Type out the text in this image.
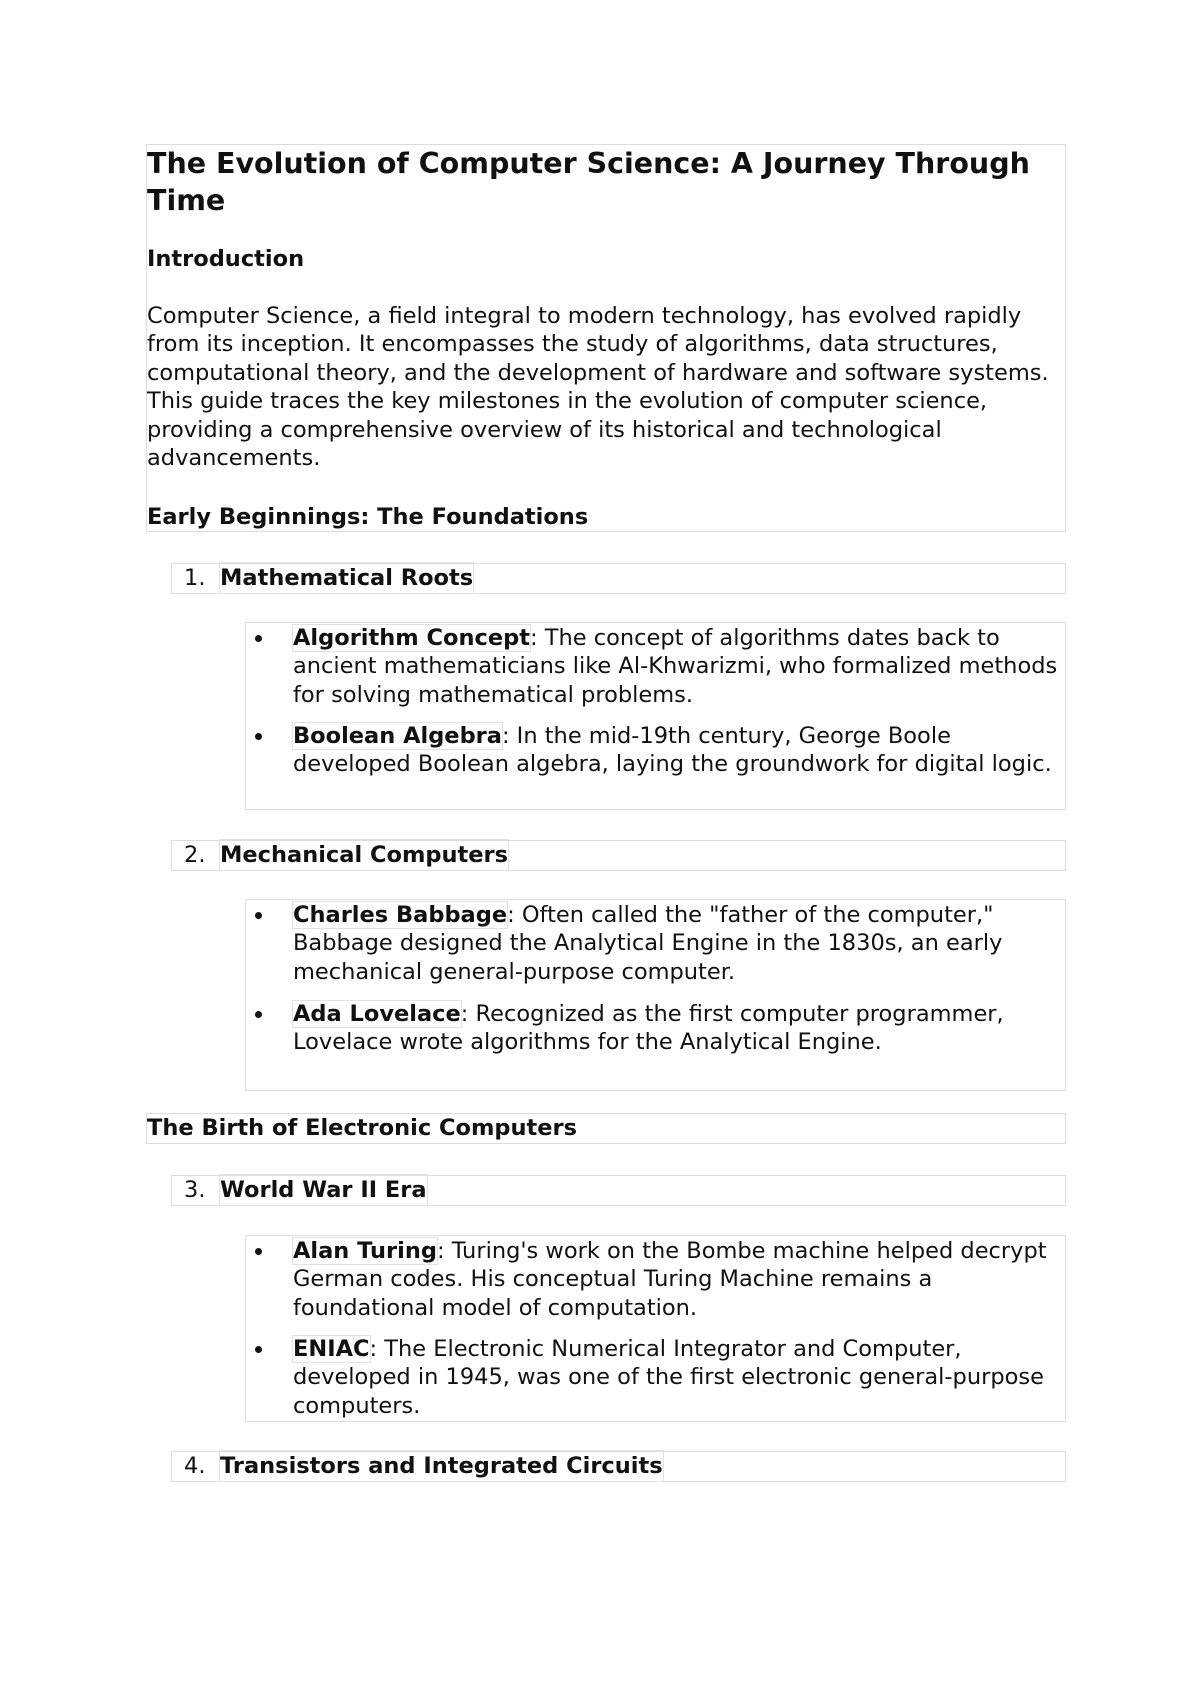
The Evolution of Computer Science: A Journey Through Time
Introduction

Computer Science, a field integral to modern technology, has evolved rapidly from its inception. It encompasses the study of algorithms, data structures, computational theory, and the development of hardware and software systems. This guide traces the key milestones in the evolution of computer science, providing a comprehensive overview of its historical and technological advancements.

Early Beginnings: The Foundations
1. Mathematical Roots
Algorithm Concept: The concept of algorithms dates back to ancient mathematicians like Al-Khwarizmi, who formalized methods for solving mathematical problems.
Boolean Algebra: In the mid-19th century, George Boole developed Boolean algebra, laying the groundwork for digital logic.
2. Mechanical Computers
Charles Babbage: Often called the "father of the computer," Babbage designed the Analytical Engine in the 1830s, an early mechanical general-purpose computer.
Ada Lovelace: Recognized as the first computer programmer, Lovelace wrote algorithms for the Analytical Engine.
The Birth of Electronic Computers
3. World War II Era
Alan Turing: Turing's work on the Bombe machine helped decrypt German codes. His conceptual Turing Machine remains a foundational model of computation.
ENIAC: The Electronic Numerical Integrator and Computer, developed in 1945, was one of the first electronic general-purpose computers.
4. Transistors and Integrated Circuits
